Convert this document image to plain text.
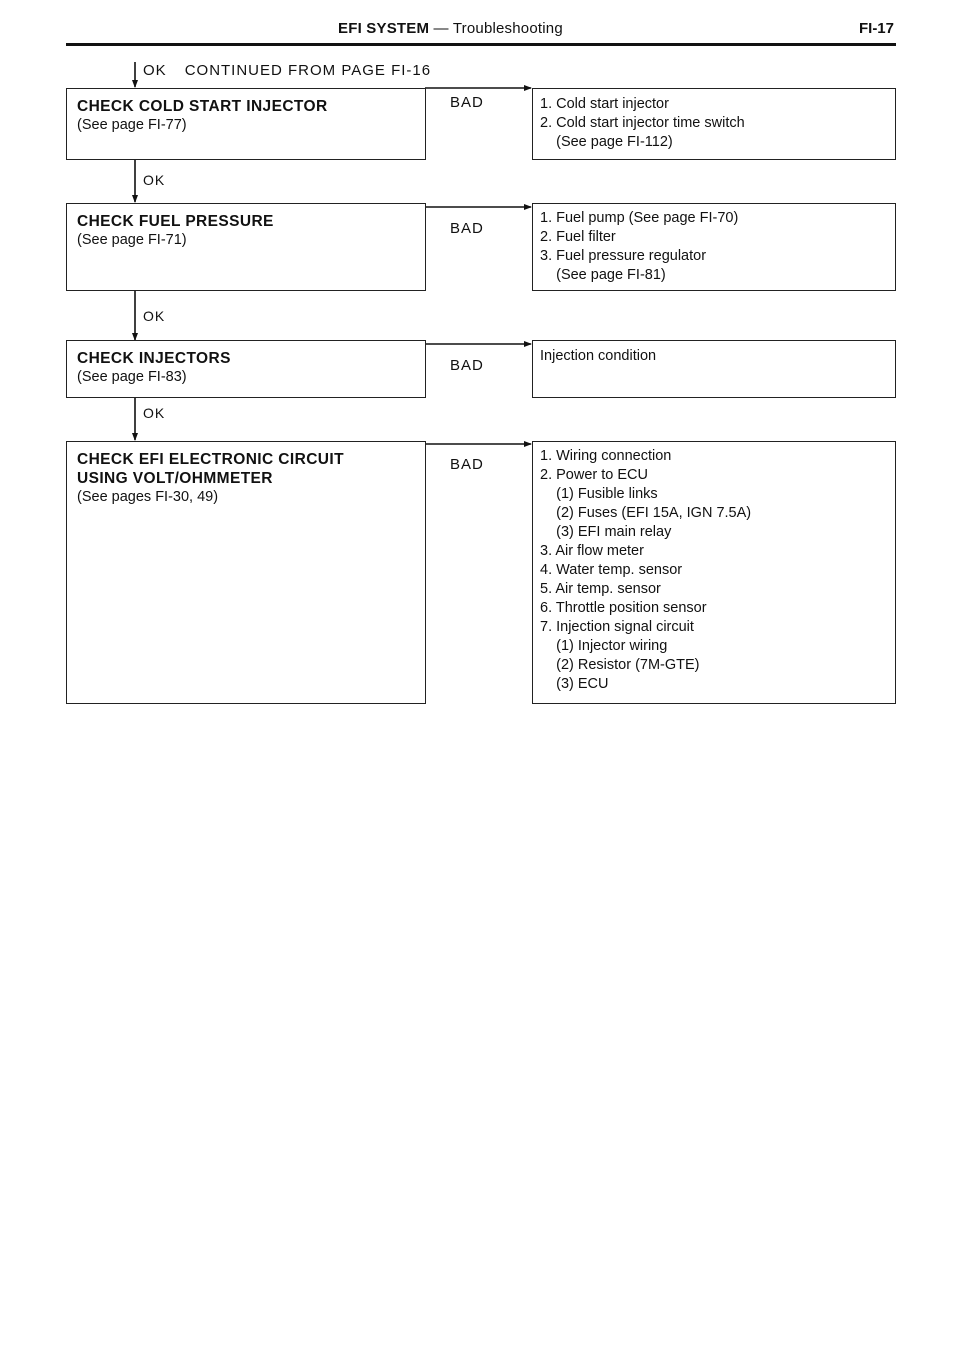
EFI SYSTEM — Troubleshooting	FI-17
OK CONTINUED FROM PAGE FI-16
CHECK COLD START INJECTOR
(See page FI-77)
BAD	1. Cold start injector
2. Cold start injector time switch
(See page FI-112)
OK
CHECK FUEL PRESSURE
(See page FI-71)
BAD
1. Fuel pump (See page FI-70)
2. Fuel filter
3. Fuel pressure regulator
(See page FI-81)
OK
CHECK INJECTORS
(See page FI-83)
BAD
Injection condition
OK
CHECK EFI ELECTRONIC CIRCUIT
USING VOLT/OHMMETER
(See pages FI-30, 49)
BAD	1. Wiring connection
2. Power to ECU
(1) Fusible links
(2) Fuses (EFI 15A, IGN 7.5A)
(3) EFI main relay
3. Air flow meter
4. Water temp. sensor
5. Air temp. sensor
6. Throttle position sensor
7. Injection signal circuit
(1) Injector wiring
(2) Resistor (7M-GTE)
(3) ECU
